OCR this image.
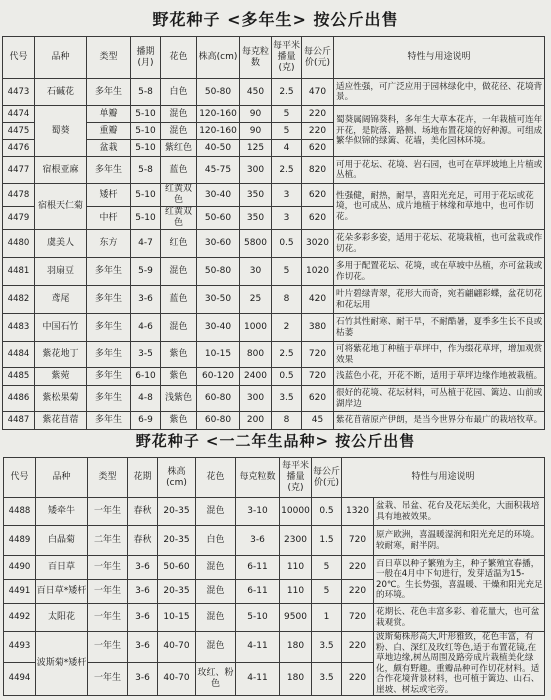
野花种子 <多年生> 按公斤出售
代号	品种	类型	播期(月)	花色	株高(cm)	每克粒数	每平米播量(克)	每公斤价(元)	特性与用途说明
4473	石碱花	多年生	5-8	白色	50-80	450	2.5	470	适应性强，可广泛应用于园林绿化中，做花径、花境背景。
4474	蜀葵	单瓣	5-10	混色	120-160	90	5	220	蜀葵属阔锦葵科，多年生大草本花卉，一年栽植可连年开花，是院落、路侧、场地布置花境的好种源。可组成繁华似锦的绿篱、花墙，美化园林环境。
4475		重瓣	5-10	混色	120-160	90	5	220	
4476		盆栽	5-10	紫红色	40-50	125	4	620	
4477	宿根亚麻	多年生	5-8	蓝色	45-75	300	2.5	820	可用于花坛、花境、岩石园，也可在草坪坡地上片植或丛植。
4478	宿根天仁菊	矮杆	5-10	红黄双色	30-40	350	3	620	性强健，耐热，耐旱，喜阳光充足，可用于花坛或花境，也可成丛、成片地植于林缘和草地中，也可作切花。
4479		中杆	5-10	红黄双色	50-60	350	3	620	
4480	虞美人	东方	4-7	红色	30-60	5800	0.5	3020	花朵多彩多姿，适用于花坛、花境栽植，也可盆栽或作切花。
4481	羽扇豆	多年生	5-9	混色	50-80	30	5	1020	多用于配置花坛、花境，或在草坡中丛植，亦可盆栽或作切花。
4482	鸢尾	多年生	3-6	蓝色	30-50	25	8	420	叶片碧绿青翠，花形大而奇，宛若翩翩彩蝶，盆花切花和花坛用
4483	中国石竹	多年生	4-6	混色	30-40	1000	2	380	石竹其性耐寒、耐干旱，不耐酷暑，夏季多生长不良或枯萎
4484	紫花地丁	多年生	3-5	紫色	10-15	800	2.5	720	可将紫花地丁种植于草坪中，作为缀花草坪，增加观赏效果
4485	紫菀	多年生	6-10	紫色	60-120	2400	0.5	720	浅蓝色小花，开花不断，适用于草坪边缘作地被栽植。
4486	紫松果菊	多年生	4-8	浅紫色	60-80	300	3.5	620	很好的花境、花坛材料，可丛植于花园、篱边、山前或湖岸边
4487	紫花苜蓿	多年生	6-9	紫色	60-80	200	8	45	紫花苜蓿原产伊朗，是当今世界分布最广的栽培牧草。
野花种子 <一二年生品种> 按公斤出售
代号	品种	类型	花期	株高(cm)	花色	每克粒数	每平米播量(克)	每公斤价(元)	特性与用途说明	
4488	矮牵牛	一年生	春秋	20-35	混色	3-10	10000	0.5	1320	盆栽、吊盆、花台及花坛美化，大面积栽培具有地被效果。
4489	白晶菊	二年生	春秋	20-35	白色	3-6	2300	1.5	720	原产欧洲，喜温暖湿润和阳光充足的环境。较耐寒，耐半阴。
4490	百日草	一年生	3-6	50-60	混色	6-11	110	5	220	百日草以种子繁殖为主，种子繁殖宜春播，一般在4月中下旬进行，发芽适温为15-20℃。生长势强，喜温暖、干燥和阳光充足的环境。
4491	百日草*矮杆	一年生	3-6	20-35	混色	6-11	110	5	220	
4492	太阳花	一年生	3-6	10-15	混色	5-10	9500	1	720	花期长、花色丰富多彩、着花量大，也可盆栽观赏。
4493	波斯菊*矮杆	一年生	3-6	40-70	混色	4-11	180	3.5	220	波斯菊株形高大,叶形雅致，花色丰富，有粉、白、深红及玫红等色,适于布置花镜,在草地边缘,树丛周围及路旁成片栽植美化绿化，颇有野趣。重瓣品种可作切花材料。适合作花境背景材料，也可植于篱边、山石、崖坡、树坛或宅旁。
4494		一年生	3-6	40-70	玫红、粉色	4-11	180	3.5	220	
